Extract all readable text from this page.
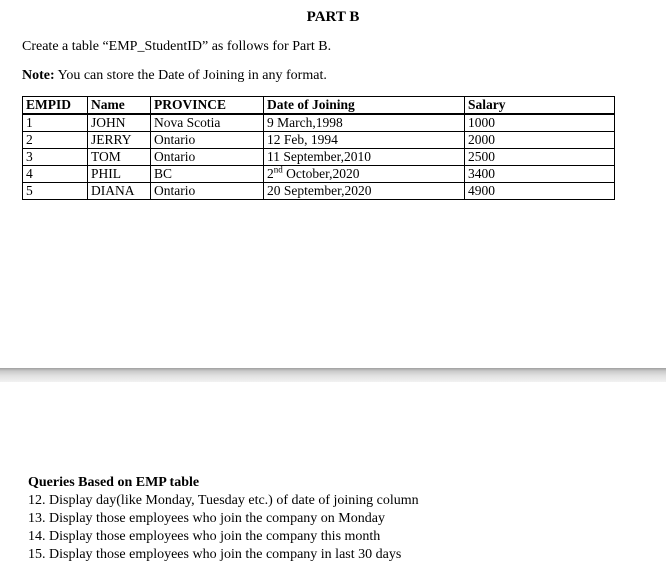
PART B
Create a table “EMP_StudentID” as follows for Part B.
Note: You can store the Date of Joining in any format.
EMPID	Name	PROVINCE	Date of Joining	Salary
1	JOHN	Nova Scotia	9 March,1998	1000
2	JERRY	Ontario	12 Feb, 1994	2000
3	TOM	Ontario	11 September,2010	2500
4	PHIL	BC	2nd October,2020	3400
5	DIANA	Ontario	20 September,2020	4900
Queries Based on EMP table
12. Display day(like Monday, Tuesday etc.) of date of joining column
13. Display those employees who join the company on Monday
14. Display those employees who join the company this month
15. Display those employees who join the company in last 30 days
